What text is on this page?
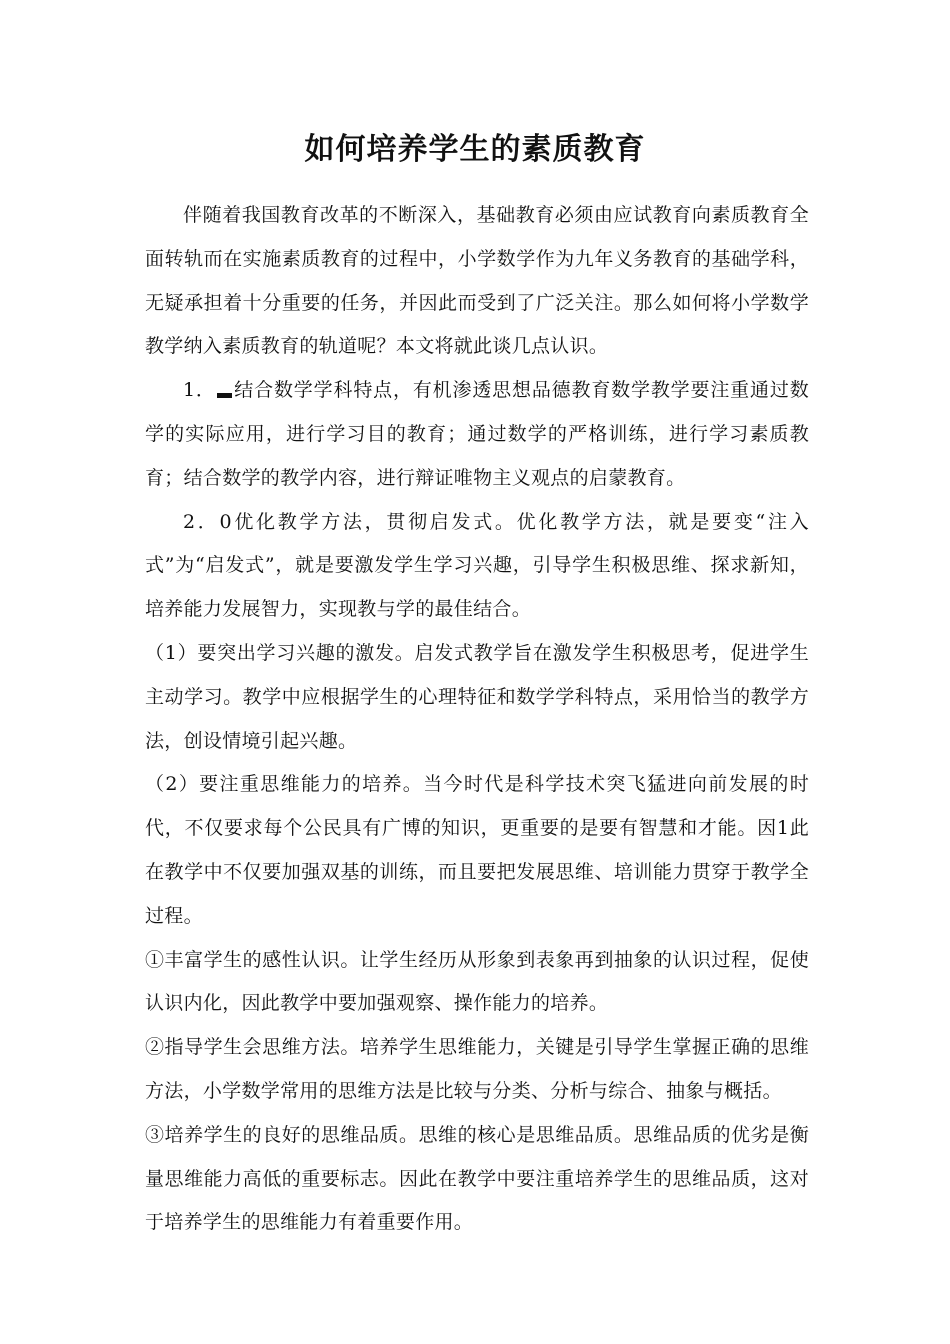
如何培养学生的素质教育

伴随着我国教育改革的不断深入，基础教育必须由应试教育向素质教育全面转轨而在实施素质教育的过程中，小学数学作为九年义务教育的基础学科，无疑承担着十分重要的任务，并因此而受到了广泛关注。那么如何将小学数学教学纳入素质教育的轨道呢？本文将就此谈几点认识。

1． 结合数学学科特点，有机渗透思想品德教育数学教学要注重通过数学的实际应用，进行学习目的教育；通过数学的严格训练，进行学习素质教育；结合数学的教学内容，进行辩证唯物主义观点的启蒙教育。

2．0优化教学方法，贯彻启发式。优化教学方法，就是要变“注入式”为“启发式”，就是要激发学生学习兴趣，引导学生积极思维、探求新知，培养能力发展智力，实现教与学的最佳结合。

（1）要突出学习兴趣的激发。启发式教学旨在激发学生积极思考，促进学生主动学习。教学中应根据学生的心理特征和数学学科特点，采用恰当的教学方法，创设情境引起兴趣。

（2）要注重思维能力的培养。当今时代是科学技术突飞猛进向前发展的时代，不仅要求每个公民具有广博的知识，更重要的是要有智慧和才能。因1此在教学中不仅要加强双基的训练，而且要把发展思维、培训能力贯穿于教学全过程。

①丰富学生的感性认识。让学生经历从形象到表象再到抽象的认识过程，促使认识内化，因此教学中要加强观察、操作能力的培养。

②指导学生会思维方法。培养学生思维能力，关键是引导学生掌握正确的思维方法，小学数学常用的思维方法是比较与分类、分析与综合、抽象与概括。

③培养学生的良好的思维品质。思维的核心是思维品质。思维品质的优劣是衡量思维能力高低的重要标志。因此在教学中要注重培养学生的思维品质，这对于培养学生的思维能力有着重要作用。
